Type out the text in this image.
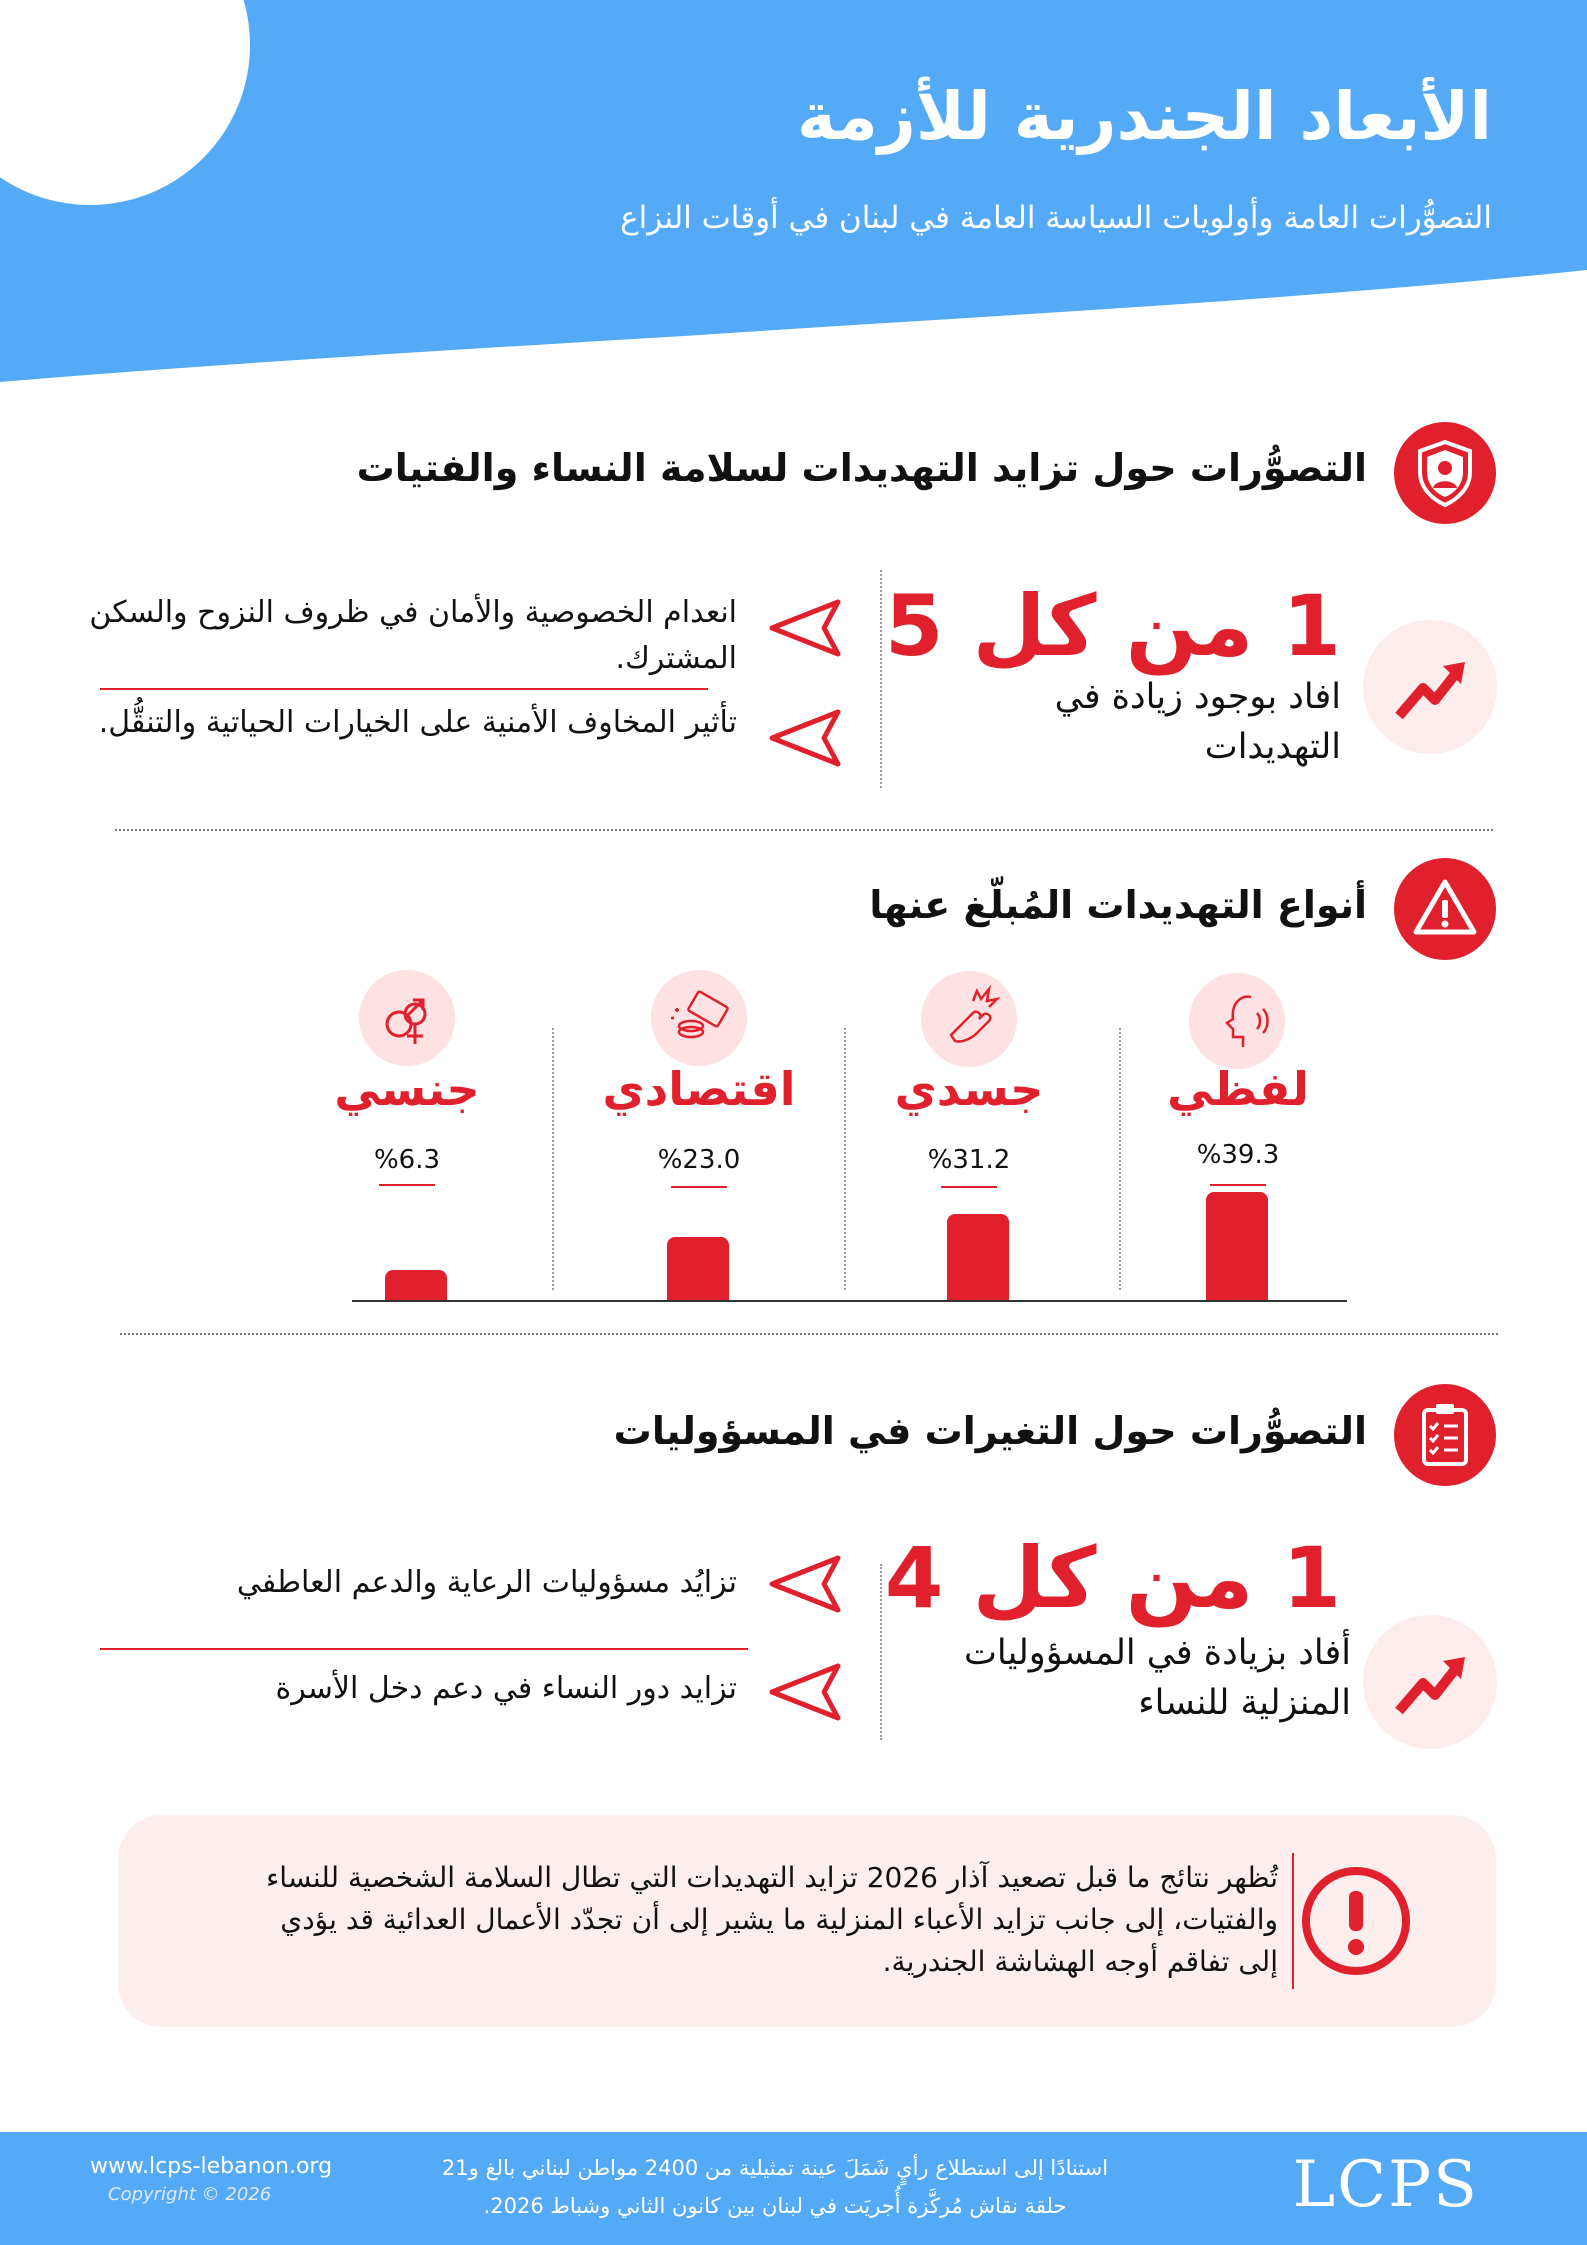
الأبعاد الجندرية للأزمة
التصوُّرات العامة وأولويات السياسة العامة في لبنان في أوقات النزاع
التصوُّرات حول تزايد التهديدات لسلامة النساء والفتيات
1 من كل 5
افاد بوجود زيادة في التهديدات
انعدام الخصوصية والأمان في ظروف النزوح والسكن المشترك.
تأثير المخاوف الأمنية على الخيارات الحياتية والتنقُّل.
أنواع التهديدات المُبلّغ عنها
لفظي
%39.3
جسدي
%31.2
اقتصادي
%23.0
جنسي
%6.3
التصوُّرات حول التغيرات في المسؤوليات
1 من كل 4
أفاد بزيادة في المسؤوليات المنزلية للنساء
تزايُد مسؤوليات الرعاية والدعم العاطفي
تزايد دور النساء في دعم دخل الأسرة
تُظهر نتائج ما قبل تصعيد آذار 2026 تزايد التهديدات التي تطال السلامة الشخصية للنساء والفتيات، إلى جانب تزايد الأعباء المنزلية ما يشير إلى أن تجدّد الأعمال العدائية قد يؤدي إلى تفاقم أوجه الهشاشة الجندرية.
www.lcps-lebanon.org
Copyright © 2026
استنادًا إلى استطلاع رأيٍ شَمَلَ عينة تمثيلية من 2400 مواطن لبناني بالغ و21
حلقة نقاش مُركَّزة أُجريَت في لبنان بين كانون الثاني وشباط 2026.	LCPS
